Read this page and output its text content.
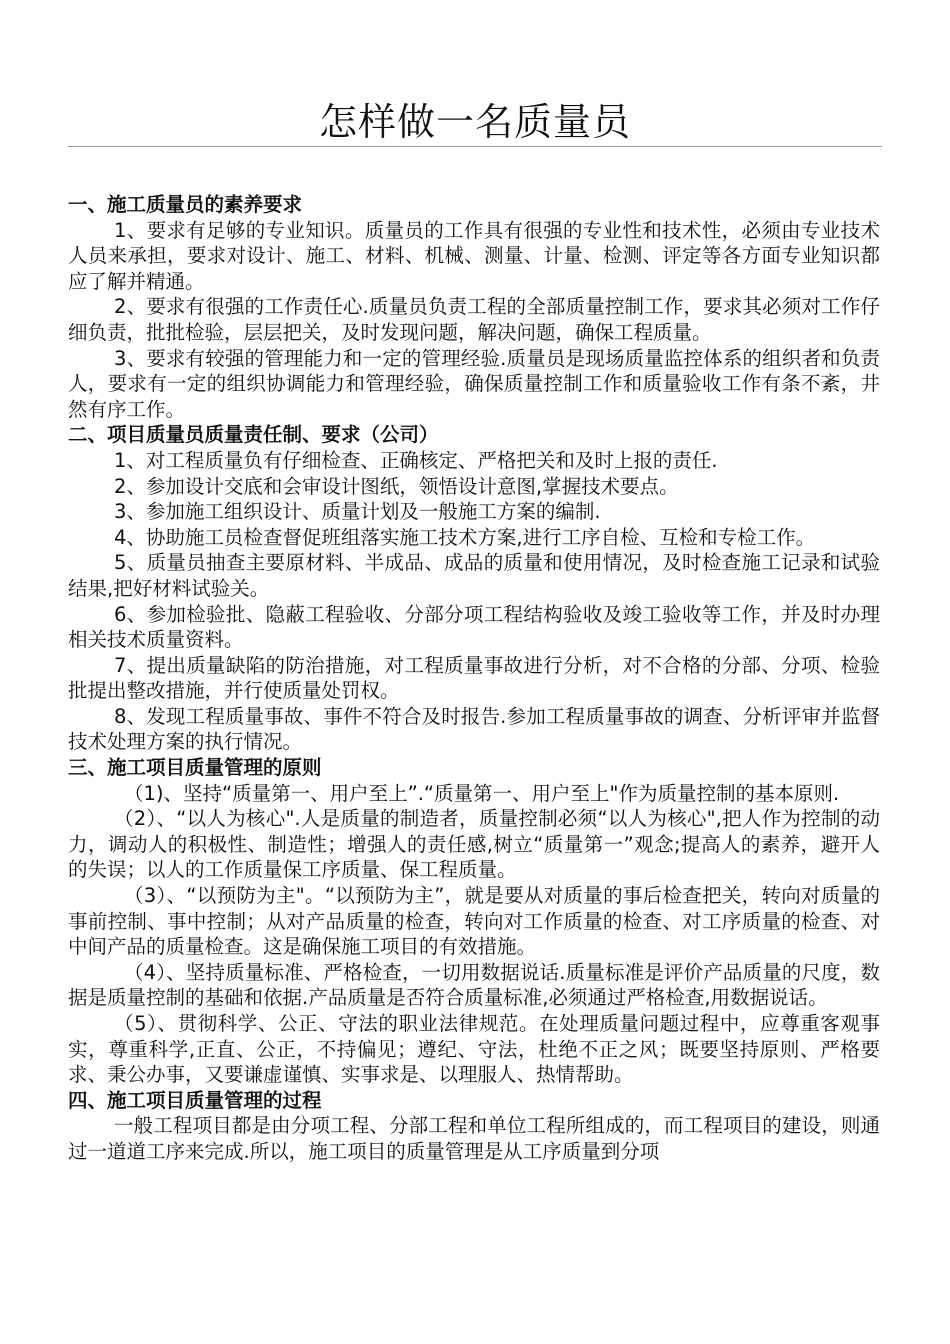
怎样做一名质量员

一、施工质量员的素养要求

1、要求有足够的专业知识。质量员的工作具有很强的专业性和技术性，必须由专业技术人员来承担，要求对设计、施工、材料、机械、测量、计量、检测、评定等各方面专业知识都应了解并精通。

2、要求有很强的工作责任心.质量员负责工程的全部质量控制工作，要求其必须对工作仔细负责，批批检验，层层把关，及时发现问题，解决问题，确保工程质量。

3、要求有较强的管理能力和一定的管理经验.质量员是现场质量监控体系的组织者和负责人，要求有一定的组织协调能力和管理经验，确保质量控制工作和质量验收工作有条不紊，井然有序工作。

二、项目质量员质量责任制、要求（公司）

1、对工程质量负有仔细检查、正确核定、严格把关和及时上报的责任.

2、参加设计交底和会审设计图纸，领悟设计意图,掌握技术要点。

3、参加施工组织设计、质量计划及一般施工方案的编制.

4、协助施工员检查督促班组落实施工技术方案,进行工序自检、互检和专检工作。

5、质量员抽查主要原材料、半成品、成品的质量和使用情况，及时检查施工记录和试验结果,把好材料试验关。

6、参加检验批、隐蔽工程验收、分部分项工程结构验收及竣工验收等工作，并及时办理相关技术质量资料。

7、提出质量缺陷的防治措施，对工程质量事故进行分析，对不合格的分部、分项、检验批提出整改措施，并行使质量处罚权。

8、发现工程质量事故、事件不符合及时报告.参加工程质量事故的调查、分析评审并监督技术处理方案的执行情况。

三、施工项目质量管理的原则

（1)、坚持“质量第一、用户至上”.“质量第一、用户至上"作为质量控制的基本原则.

（2）、“以人为核心".人是质量的制造者，质量控制必须“以人为核心",把人作为控制的动力，调动人的积极性、制造性；增强人的责任感,树立“质量第一”观念;提高人的素养，避开人的失误；以人的工作质量保工序质量、保工程质量。

（3）、“以预防为主"。“以预防为主”，就是要从对质量的事后检查把关，转向对质量的事前控制、事中控制；从对产品质量的检查，转向对工作质量的检查、对工序质量的检查、对中间产品的质量检查。这是确保施工项目的有效措施。

（4）、坚持质量标准、严格检查，一切用数据说话.质量标准是评价产品质量的尺度，数据是质量控制的基础和依据.产品质量是否符合质量标准,必须通过严格检查,用数据说话。

（5）、贯彻科学、公正、守法的职业法律规范。在处理质量问题过程中，应尊重客观事实，尊重科学,正直、公正，不持偏见；遵纪、守法，杜绝不正之风；既要坚持原则、严格要求、秉公办事，又要谦虚谨慎、实事求是、以理服人、热情帮助。

四、施工项目质量管理的过程

一般工程项目都是由分项工程、分部工程和单位工程所组成的，而工程项目的建设，则通过一道道工序来完成.所以，施工项目的质量管理是从工序质量到分项
